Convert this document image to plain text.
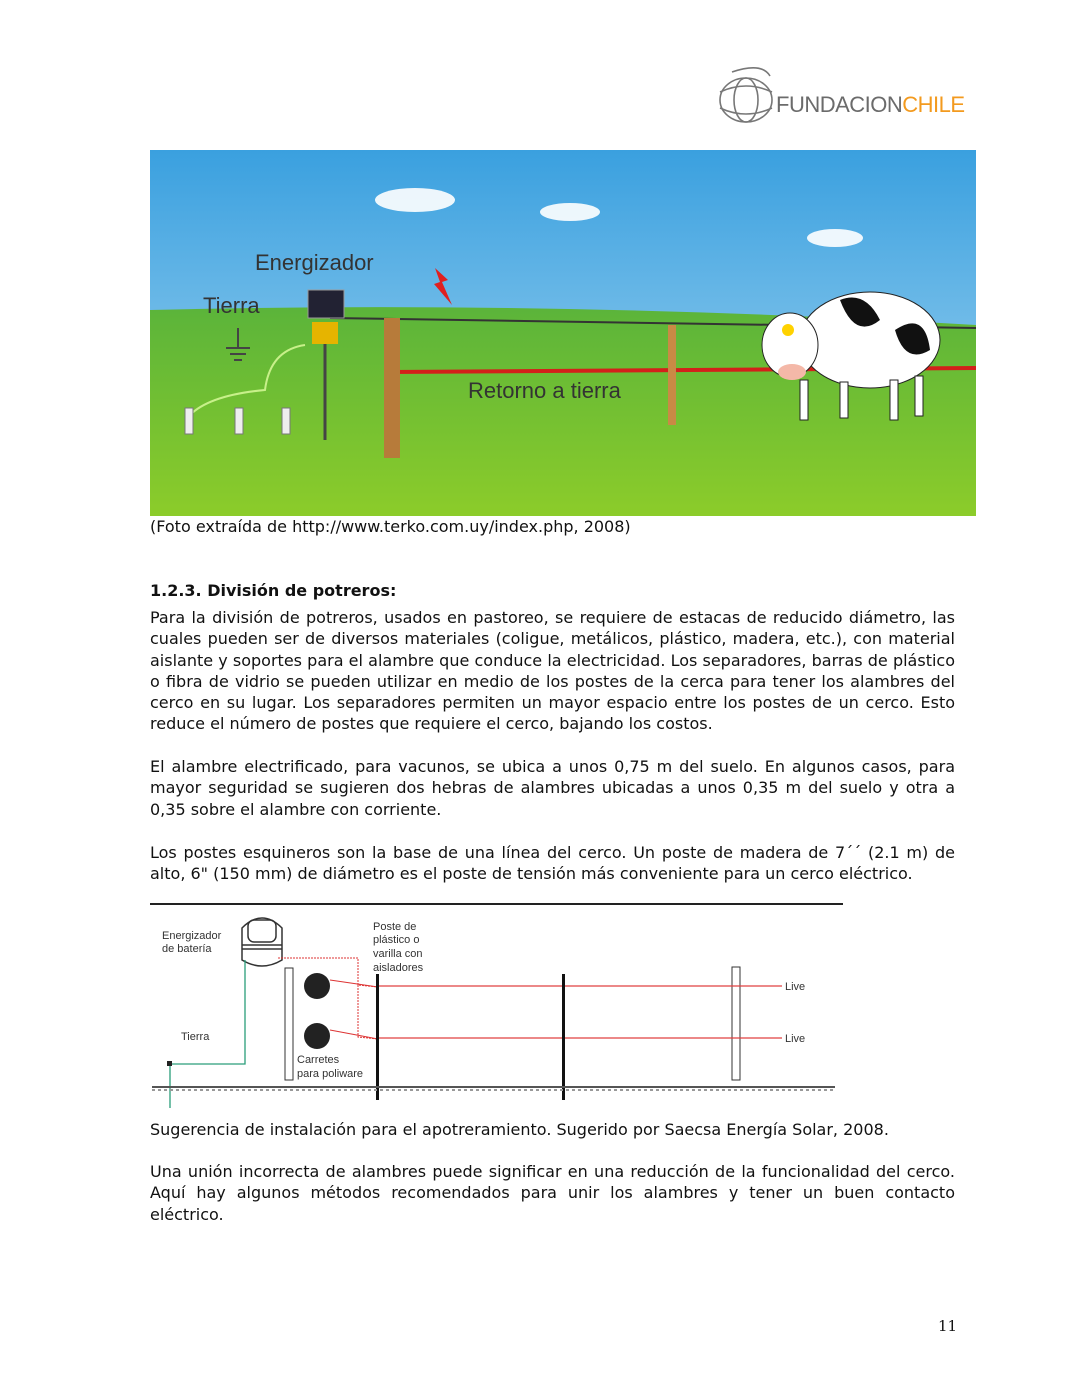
FUNDACIONCHILE
Energizador
Tierra
Retorno a tierra
(Foto extraída de http://www.terko.com.uy/index.php, 2008)
1.2.3. División de potreros:
Para la división de potreros, usados en pastoreo, se requiere de estacas de reducido diámetro, las cuales pueden ser de diversos materiales (coligue, metálicos, plástico, madera, etc.), con material aislante y soportes para el alambre que conduce la electricidad. Los separadores, barras de plástico o fibra de vidrio se pueden utilizar en medio de los postes de la cerca para tener los alambres del cerco en su lugar. Los separadores permiten un mayor espacio entre los postes de un cerco. Esto reduce el número de postes que requiere el cerco, bajando los costos.
El alambre electrificado, para vacunos, se ubica a unos 0,75 m del suelo. En algunos casos, para mayor seguridad se sugieren dos hebras de alambres ubicadas a unos 0,35 m del suelo y otra a 0,35 sobre el alambre con corriente.
Los postes esquineros son la base de una línea del cerco. Un poste de madera de 7´´ (2.1 m) de alto, 6" (150 mm) de diámetro es el poste de tensión más conveniente para un cerco eléctrico.
Energizador
de batería
Poste de
plástico o
varilla con
aisladores
Tierra
Carretes
para poliware
Live
Live
Sugerencia de instalación para el apotreramiento. Sugerido por Saecsa Energía Solar, 2008.
Una unión incorrecta de alambres puede significar en una reducción de la funcionalidad del cerco. Aquí hay algunos métodos recomendados para unir los alambres y tener un buen contacto eléctrico.
11
